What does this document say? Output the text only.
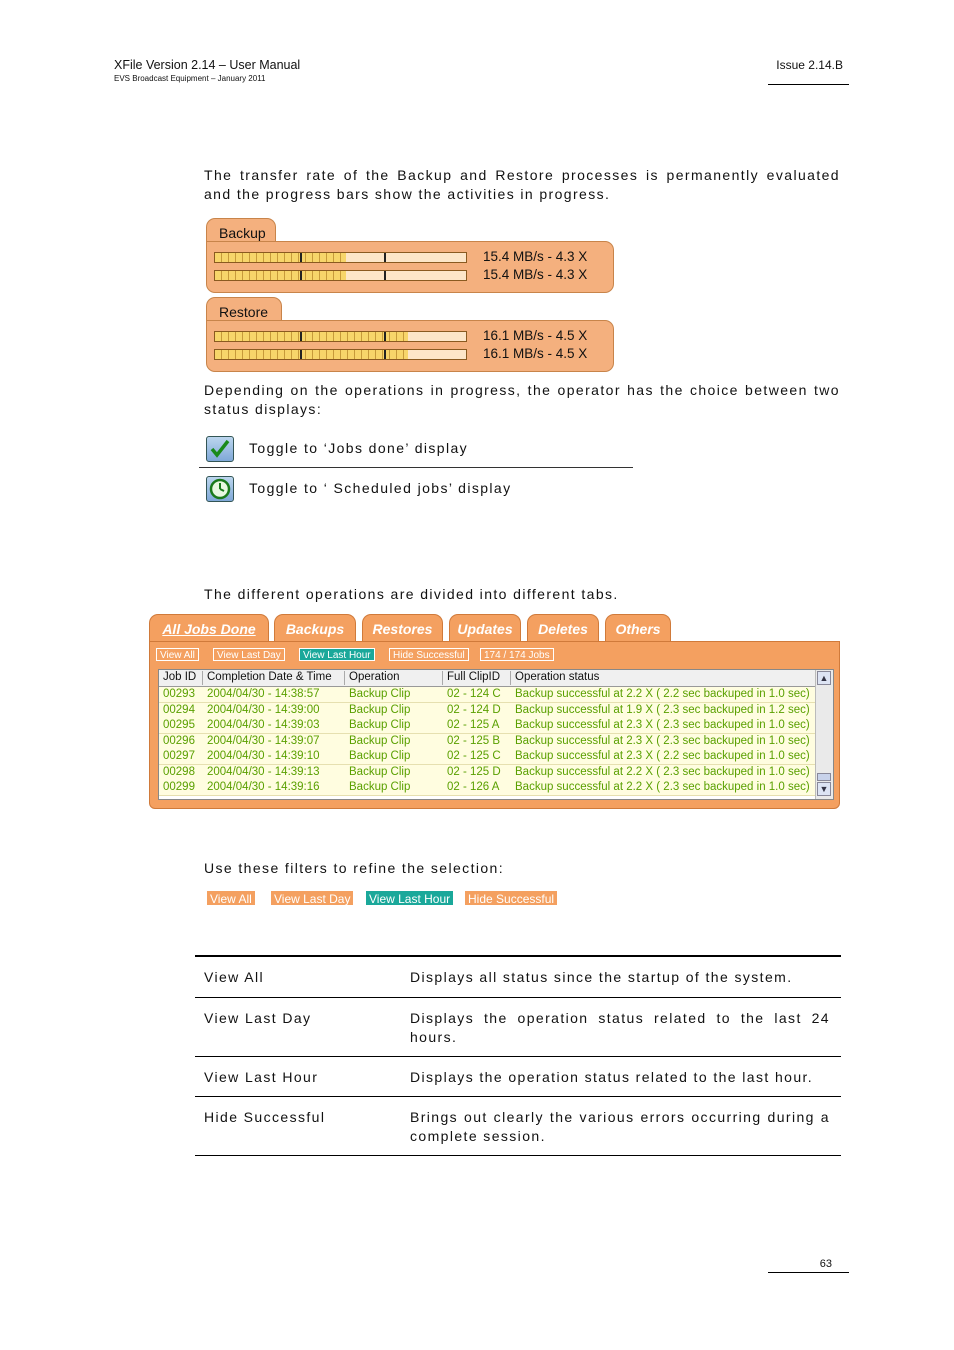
XFile Version 2.14 – User Manual
EVS Broadcast Equipment – January 2011
Issue 2.14.B
The transfer rate of the Backup and Restore processes is permanently evaluated and the progress bars show the activities in progress.
Backup
15.4 MB/s - 4.3 X
15.4 MB/s - 4.3 X
Restore
16.1 MB/s - 4.5 X
16.1 MB/s - 4.5 X
Depending on the operations in progress, the operator has the choice between two status displays:
Toggle to ‘Jobs done’ display
Toggle to ‘ Scheduled jobs’ display
The different operations are divided into different tabs.
All Jobs Done	Backups	Restores	Updates	Deletes	Others
View All	View Last Day	View Last Hour	Hide Successful	174 / 174 Jobs
Job ID Completion Date & Time	Operation	Full ClipID	Operation status
00293 2004/04/30 - 14:38:57	Backup Clip	02 - 124 C Backup successful at 2.2 X ( 2.2 sec backuped in 1.0 sec)
00294 2004/04/30 - 14:39:00	Backup Clip	02 - 124 D Backup successful at 1.9 X ( 2.3 sec backuped in 1.2 sec)
00295 2004/04/30 - 14:39:03	Backup Clip	02 - 125 A Backup successful at 2.3 X ( 2.3 sec backuped in 1.0 sec)
00296 2004/04/30 - 14:39:07	Backup Clip	02 - 125 B Backup successful at 2.3 X ( 2.3 sec backuped in 1.0 sec)
00297 2004/04/30 - 14:39:10	Backup Clip	02 - 125 C Backup successful at 2.3 X ( 2.2 sec backuped in 1.0 sec)
00298 2004/04/30 - 14:39:13	Backup Clip	02 - 125 D Backup successful at 2.2 X ( 2.3 sec backuped in 1.0 sec)
00299 2004/04/30 - 14:39:16	Backup Clip	02 - 126 A Backup successful at 2.2 X ( 2.3 sec backuped in 1.0 sec)
▲
▼
Use these filters to refine the selection:
View All	View Last Day	View Last Hour	Hide Successful
View All	Displays all status since the startup of the system.
View Last Day	Displays the operation status related to the last 24 hours.
View Last Hour	Displays the operation status related to the last hour.
Hide Successful	Brings out clearly the various errors occurring during a complete session.
63
